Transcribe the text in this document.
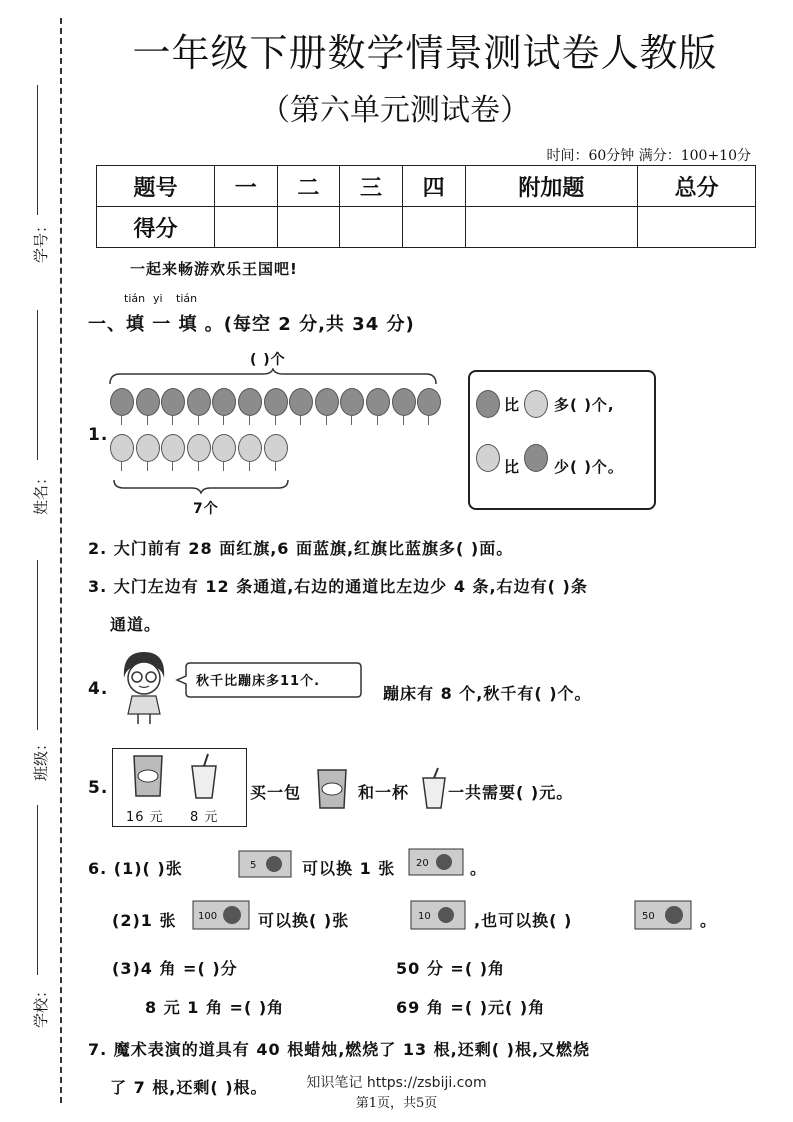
学号：
姓名：
班级：
学校：
一年级下册数学情景测试卷人教版
（第六单元测试卷）
时间：60分钟 满分：100+10分
题号	一	二	三	四	附加题	总分
得分						
一起来畅游欢乐王国吧!
tián yi tián
一、填 一 填 。(每空 2 分,共 34 分)
( )个
1.
7个
比 多( )个,
比 少( )个。
2. 大门前有 28 面红旗,6 面蓝旗,红旗比蓝旗多( )面。
3. 大门左边有 12 条通道,右边的通道比左边少 4 条,右边有( )条
通道。
4.	秋千比蹦床多11个.
蹦床有 8 个,秋千有( )个。
5.
16 元 8 元
买一包	和一杯 一共需要( )元。
6. (1)( )张	5	可以换 1 张 20	。
(2)1 张 100	可以换( )张	10	,也可以换( )	50	。
(3)4 角 =( )分	50 分 =( )角
8 元 1 角 =( )角	69 角 =( )元( )角
7. 魔术表演的道具有 40 根蜡烛,燃烧了 13 根,还剩( )根,又燃烧
了 7 根,还剩( )根。	知识笔记 https://zsbiji.com
第1页，共5页
